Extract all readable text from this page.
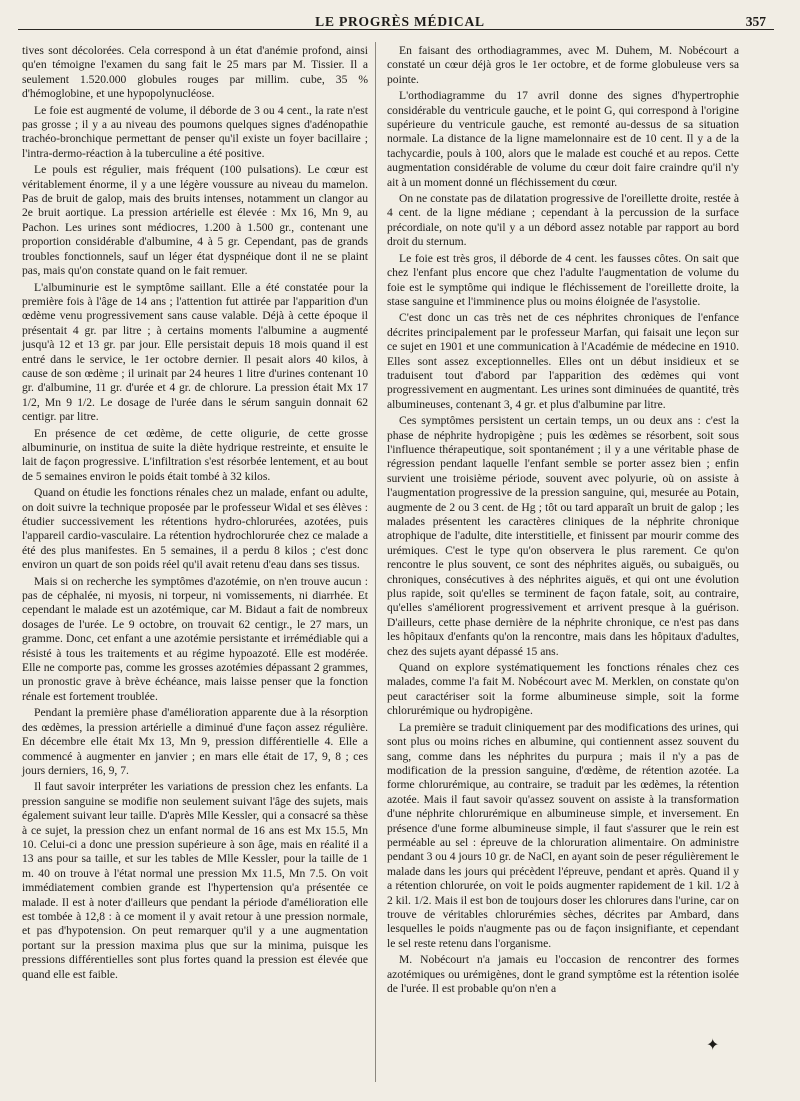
LE PROGRÈS MÉDICAL	357

tives sont décolorées. Cela correspond à un état d'anémie profond, ainsi qu'en témoigne l'examen du sang fait le 25 mars par M. Tissier. Il a seulement 1.520.000 globules rouges par millim. cube, 35 % d'hémoglobine, et une hypopolynucléose.

Le foie est augmenté de volume, il déborde de 3 ou 4 cent., la rate n'est pas grosse ; il y a au niveau des poumons quelques signes d'adénopathie trachéo-bronchique permettant de penser qu'il existe un foyer bacillaire ; l'intra-dermo-réaction à la tuberculine a été positive.

Le pouls est régulier, mais fréquent (100 pulsations). Le cœur est véritablement énorme, il y a une légère voussure au niveau du mamelon. Pas de bruit de galop, mais des bruits intenses, notamment un clangor au 2e bruit aortique. La pression artérielle est élevée : Mx 16, Mn 9, au Pachon. Les urines sont médiocres, 1.200 à 1.500 gr., contenant une proportion considérable d'albumine, 4 à 5 gr. Cependant, pas de grands troubles fonctionnels, sauf un léger état dyspnéique dont il ne se plaint pas, mais qu'on constate quand on le fait remuer.

L'albuminurie est le symptôme saillant. Elle a été constatée pour la première fois à l'âge de 14 ans ; l'attention fut attirée par l'apparition d'un œdème venu progressivement sans cause valable. Déjà à cette époque il présentait 4 gr. par litre ; à certains moments l'albumine a augmenté jusqu'à 12 et 13 gr. par jour. Elle persistait depuis 18 mois quand il est entré dans le service, le 1er octobre dernier. Il pesait alors 40 kilos, à cause de son œdème ; il urinait par 24 heures 1 litre d'urines contenant 10 gr. d'albumine, 11 gr. d'urée et 4 gr. de chlorure. La pression était Mx 17 1/2, Mn 9 1/2. Le dosage de l'urée dans le sérum sanguin donnait 62 centigr. par litre.

En présence de cet œdème, de cette oligurie, de cette grosse albuminurie, on institua de suite la diète hydrique restreinte, et ensuite le lait de façon progressive. L'infiltration s'est résorbée lentement, et au bout de 5 semaines environ le poids était tombé à 32 kilos.

Quand on étudie les fonctions rénales chez un malade, enfant ou adulte, on doit suivre la technique proposée par le professeur Widal et ses élèves : étudier successivement les rétentions hydro-chlorurées, azotées, puis l'appareil cardio-vasculaire. La rétention hydrochlorurée chez ce malade a été des plus manifestes. En 5 semaines, il a perdu 8 kilos ; c'est donc environ un quart de son poids réel qu'il avait retenu d'eau dans ses tissus.

Mais si on recherche les symptômes d'azotémie, on n'en trouve aucun : pas de céphalée, ni myosis, ni torpeur, ni vomissements, ni diarrhée. Et cependant le malade est un azotémique, car M. Bidaut a fait de nombreux dosages de l'urée. Le 9 octobre, on trouvait 62 centigr., le 27 mars, un gramme. Donc, cet enfant a une azotémie persistante et irrémédiable qui a résisté à tous les traitements et au régime hypoazoté. Elle est modérée. Elle ne comporte pas, comme les grosses azotémies dépassant 2 grammes, un pronostic grave à brève échéance, mais laisse penser que la fonction rénale est fortement troublée.

Pendant la première phase d'amélioration apparente due à la résorption des œdèmes, la pression artérielle a diminué d'une façon assez régulière. En décembre elle était Mx 13, Mn 9, pression différentielle 4. Elle a commencé à augmenter en janvier ; en mars elle était de 17, 9, 8 ; ces jours derniers, 16, 9, 7.

Il faut savoir interpréter les variations de pression chez les enfants. La pression sanguine se modifie non seulement suivant l'âge des sujets, mais également suivant leur taille. D'après Mlle Kessler, qui a consacré sa thèse à ce sujet, la pression chez un enfant normal de 16 ans est Mx 15.5, Mn 10. Celui-ci a donc une pression supérieure à son âge, mais en réalité il a 13 ans pour sa taille, et sur les tables de Mlle Kessler, pour la taille de 1 m. 40 on trouve à l'état normal une pression Mx 11.5, Mn 7.5. On voit immédiatement combien grande est l'hypertension qu'a présentée ce malade. Il est à noter d'ailleurs que pendant la période d'amélioration elle est tombée à 12,8 : à ce moment il y avait retour à une pression normale, et pas d'hypotension. On peut remarquer qu'il y a une augmentation portant sur la pression maxima plus que sur la minima, puisque les pressions différentielles sont plus fortes quand la pression est élevée que quand elle est faible.

En faisant des orthodiagrammes, avec M. Duhem, M. Nobécourt a constaté un cœur déjà gros le 1er octobre, et de forme globuleuse vers sa pointe.

L'orthodiagramme du 17 avril donne des signes d'hypertrophie considérable du ventricule gauche, et le point G, qui correspond à l'origine supérieure du ventricule gauche, est remonté au-dessus de sa situation normale. La distance de la ligne mamelonnaire est de 10 cent. Il y a de la tachycardie, pouls à 100, alors que le malade est couché et au repos. Cette augmentation considérable de volume du cœur doit faire craindre qu'il n'y ait à un moment donné un fléchissement du cœur.

On ne constate pas de dilatation progressive de l'oreillette droite, restée à 4 cent. de la ligne médiane ; cependant à la percussion de la surface précordiale, on note qu'il y a un débord assez notable par rapport au bord droit du sternum.

Le foie est très gros, il déborde de 4 cent. les fausses côtes. On sait que chez l'enfant plus encore que chez l'adulte l'augmentation de volume du foie est le symptôme qui indique le fléchissement de l'oreillette droite, la stase sanguine et l'imminence plus ou moins éloignée de l'asystolie.

C'est donc un cas très net de ces néphrites chroniques de l'enfance décrites principalement par le professeur Marfan, qui faisait une leçon sur ce sujet en 1901 et une communication à l'Académie de médecine en 1910. Elles sont assez exceptionnelles. Elles ont un début insidieux et se traduisent tout d'abord par l'apparition des œdèmes qui vont progressivement en augmentant. Les urines sont diminuées de quantité, très albumineuses, contenant 3, 4 gr. et plus d'albumine par litre.

Ces symptômes persistent un certain temps, un ou deux ans : c'est la phase de néphrite hydropigène ; puis les œdèmes se résorbent, soit sous l'influence thérapeutique, soit spontanément ; il y a une véritable phase de régression pendant laquelle l'enfant semble se porter assez bien ; enfin survient une troisième période, souvent avec polyurie, où on assiste à l'augmentation progressive de la pression sanguine, qui, mesurée au Potain, augmente de 2 ou 3 cent. de Hg ; tôt ou tard apparaît un bruit de galop ; les malades présentent les caractères cliniques de la néphrite chronique atrophique de l'adulte, dite interstitielle, et finissent par mourir comme des urémiques. C'est le type qu'on observera le plus rarement. Ce qu'on rencontre le plus souvent, ce sont des néphrites aiguës, ou subaiguës, ou chroniques, consécutives à des néphrites aiguës, et qui ont une évolution plus rapide, soit qu'elles se terminent de façon fatale, soit, au contraire, qu'elles s'améliorent progressivement et arrivent presque à la guérison. D'ailleurs, cette phase dernière de la néphrite chronique, ce n'est pas dans les hôpitaux d'enfants qu'on la rencontre, mais dans les hôpitaux d'adultes, chez des sujets ayant dépassé 15 ans.

Quand on explore systématiquement les fonctions rénales chez ces malades, comme l'a fait M. Nobécourt avec M. Merklen, on constate qu'on peut caractériser soit la forme albumineuse simple, soit la forme chlorurémique ou hydropigène.

La première se traduit cliniquement par des modifications des urines, qui sont plus ou moins riches en albumine, qui contiennent assez souvent du sang, comme dans les néphrites du purpura ; mais il n'y a pas de modification de la pression sanguine, d'œdème, de rétention azotée. La forme chlorurémique, au contraire, se traduit par les œdèmes, la rétention azotée. Mais il faut savoir qu'assez souvent on assiste à la transformation d'une néphrite chlorurémique en albumineuse simple, et inversement. En présence d'une forme albumineuse simple, il faut s'assurer que le rein est perméable au sel : épreuve de la chloruration alimentaire. On administre pendant 3 ou 4 jours 10 gr. de NaCl, en ayant soin de peser régulièrement le malade dans les jours qui précèdent l'épreuve, pendant et après. Quand il y a rétention chlorurée, on voit le poids augmenter rapidement de 1 kil. 1/2 à 2 kil. 1/2. Mais il est bon de toujours doser les chlorures dans l'urine, car on trouve de véritables chlorurémies sèches, décrites par Ambard, dans lesquelles le poids n'augmente pas ou de façon insignifiante, et cependant le sel reste retenu dans l'organisme.

M. Nobécourt n'a jamais eu l'occasion de rencontrer des formes azotémiques ou urémigènes, dont le grand symptôme est la rétention isolée de l'urée. Il est probable qu'on n'en a

✦
